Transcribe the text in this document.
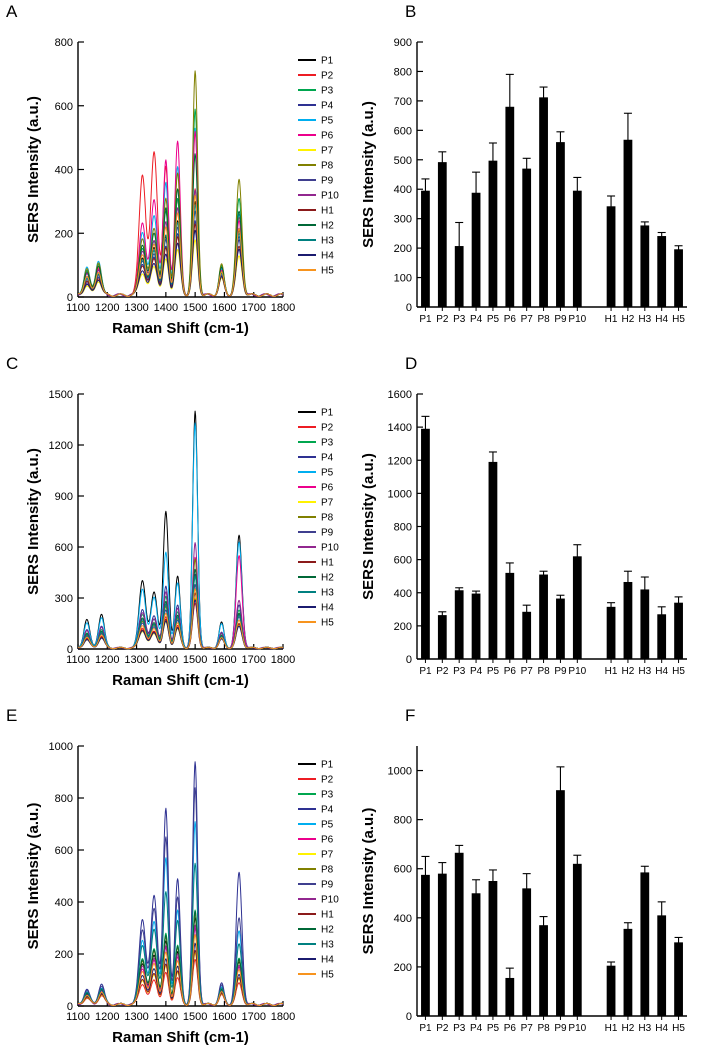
A
1100 1200 1300 1400 1500 1600 1700 1800
0
200
400
600
800
Raman Shift (cm-1)
SERS Intensity (a.u.)
P1
P2
P3
P4
P5
P6
P7
P8
P9
P10
H1
H2
H3
H4
H5
B
0
100
200
300
400
500
600
700
800
900
SERS Intensity (a.u.)
P1 P2 P3 P4 P5 P6 P7 P8 P9 P10 H1 H2 H3 H4 H5
C
1100 1200 1300 1400 1500 1600 1700 1800
0
300
600
900
1200
1500
Raman Shift (cm-1)
SERS Intensity (a.u.)
P1
P2
P3
P4
P5
P6
P7
P8
P9
P10
H1
H2
H3
H4
H5
D
0
200
400
600
800
1000
1200
1400
1600
SERS Intensity (a.u.)
P1 P2 P3 P4 P5 P6 P7 P8 P9 P10 H1 H2 H3 H4 H5
E
1100 1200 1300 1400 1500 1600 1700 1800
0
200
400
600
800
1000
Raman Shift (cm-1)
SERS Intensity (a.u.)
P1
P2
P3
P4
P5
P6
P7
P8
P9
P10
H1
H2
H3
H4
H5
F
0
200
400
600
800
1000
SERS Intensity (a.u.)
P1 P2 P3 P4 P5 P6 P7 P8 P9 P10 H1 H2 H3 H4 H5
